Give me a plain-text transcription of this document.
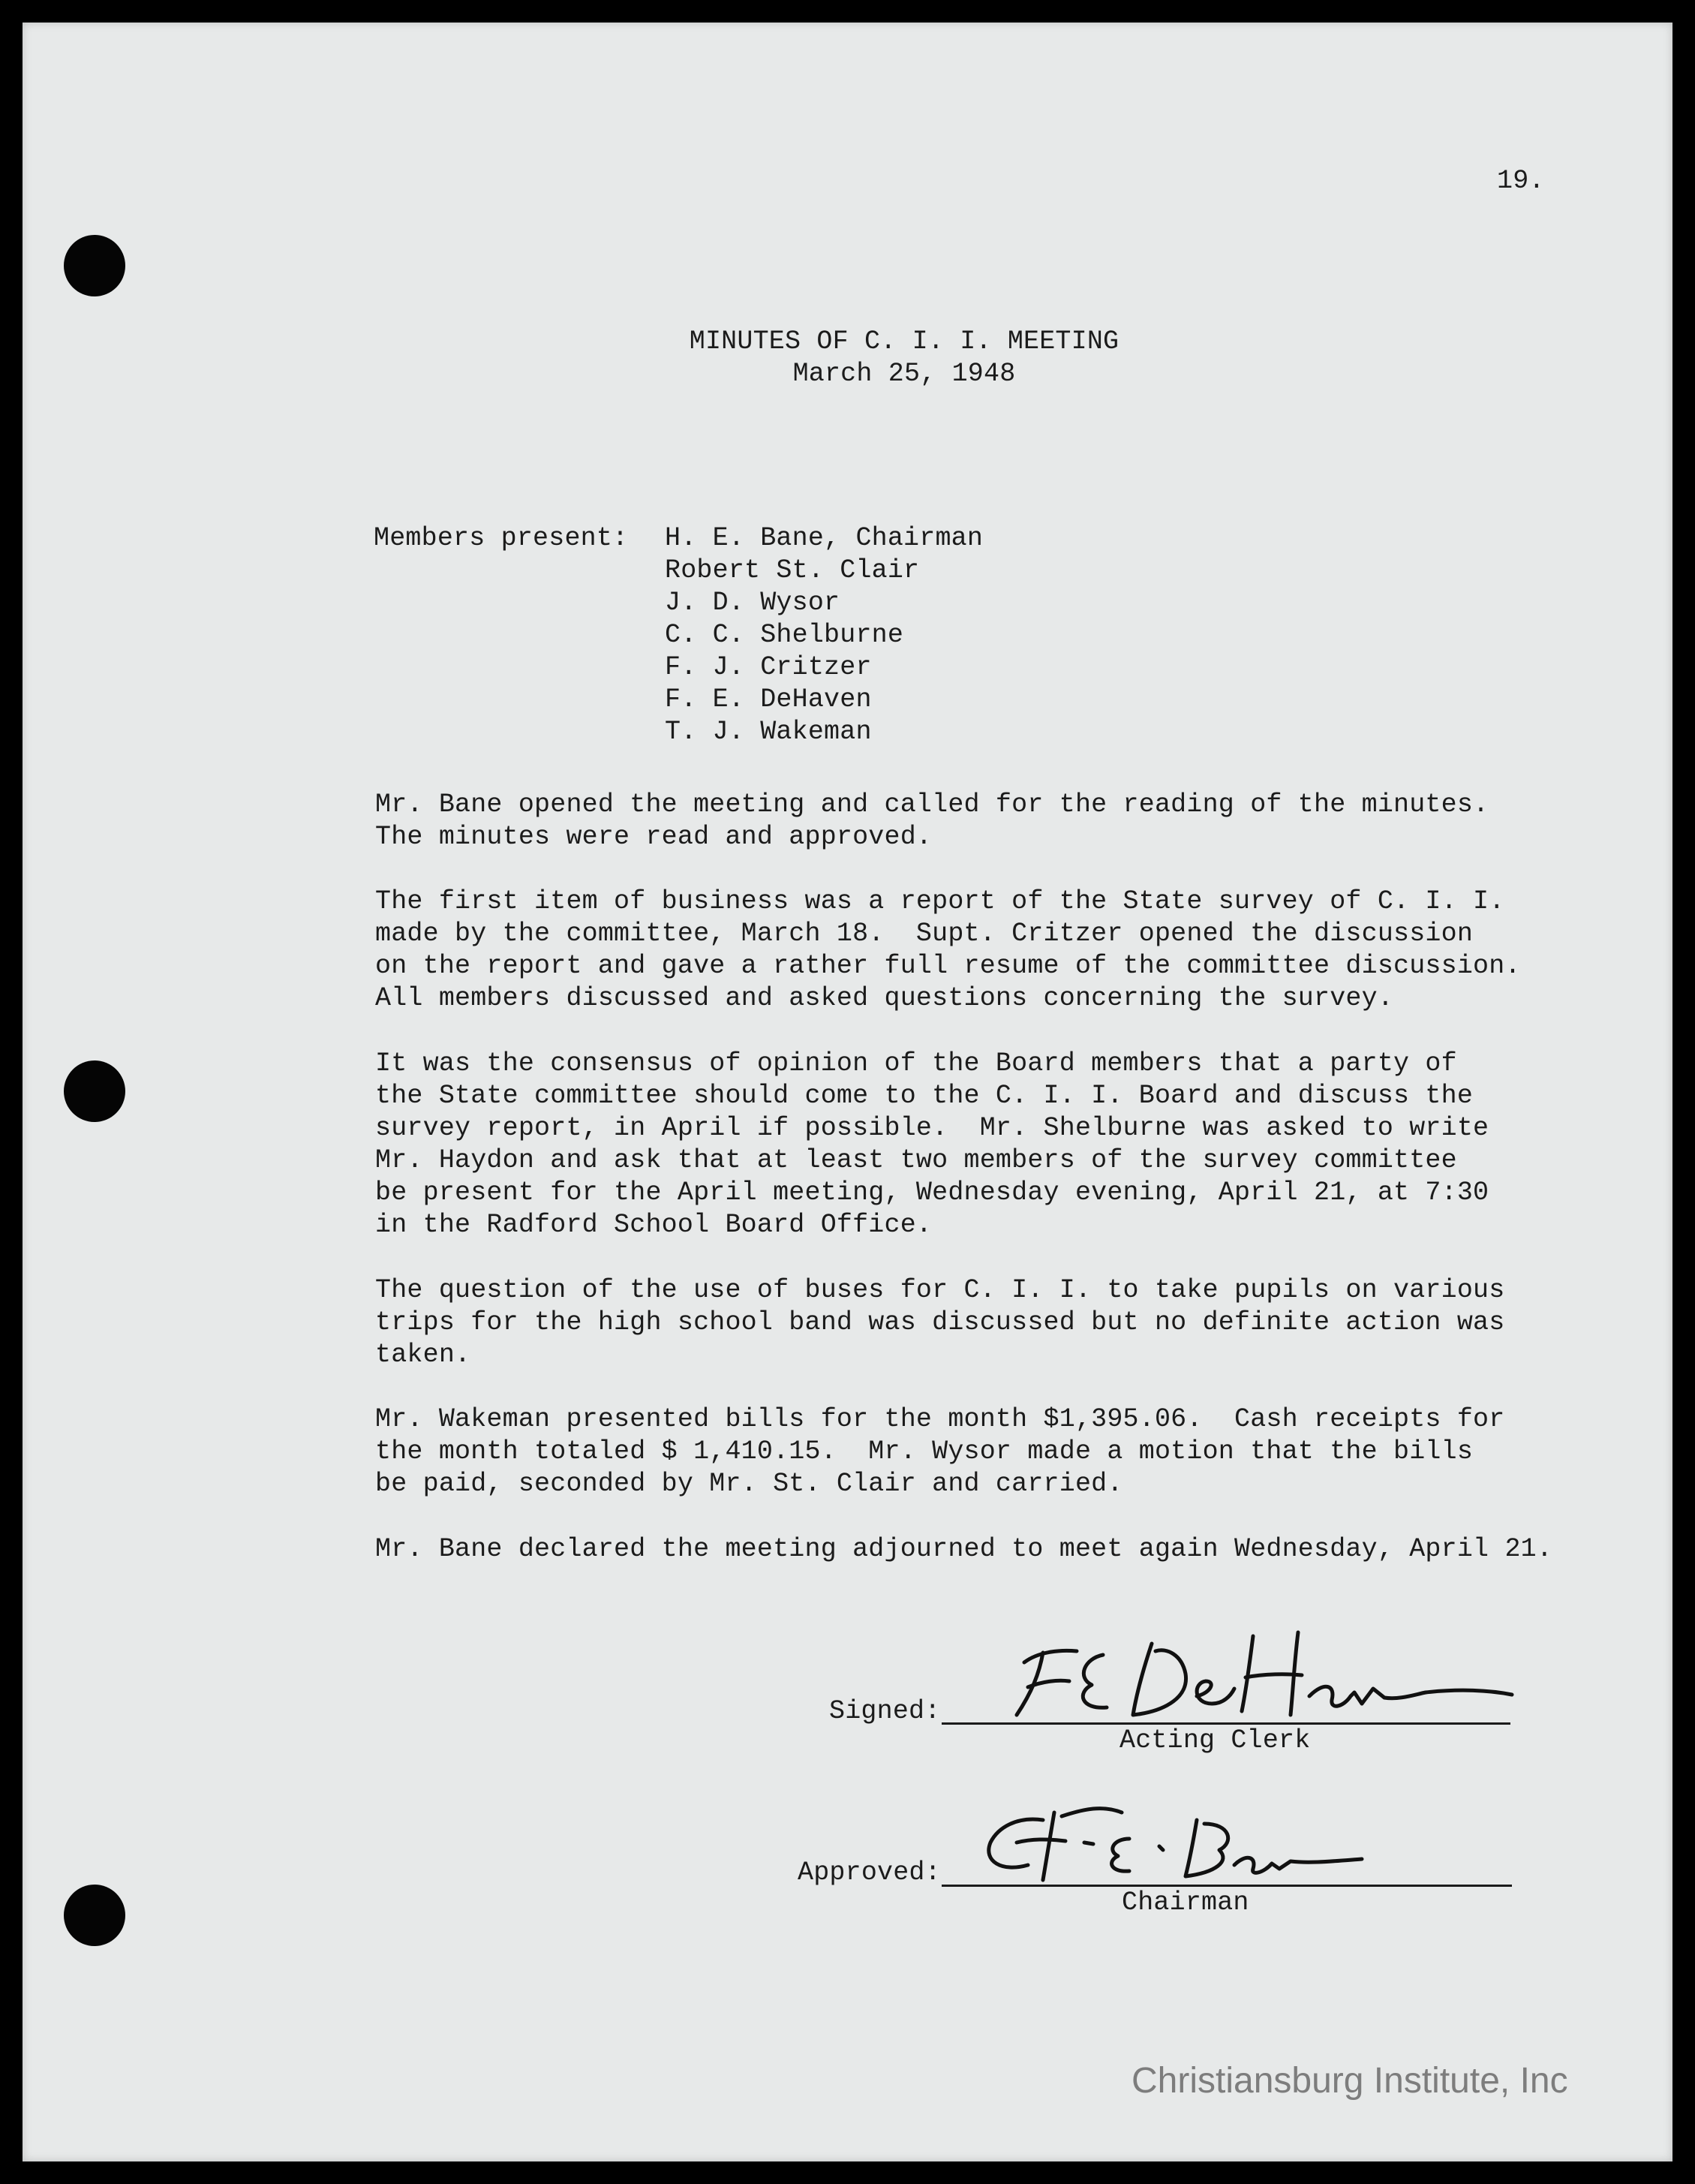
19.
MINUTES OF C. I. I. MEETING
March 25, 1948
Members present: H. E. Bane, Chairman
Robert St. Clair
J. D. Wysor
C. C. Shelburne
F. J. Critzer
F. E. DeHaven
T. J. Wakeman
Mr. Bane opened the meeting and called for the reading of the minutes.
The minutes were read and approved.
The first item of business was a report of the State survey of C. I. I.
made by the committee, March 18.  Supt. Critzer opened the discussion
on the report and gave a rather full resume of the committee discussion.
All members discussed and asked questions concerning the survey.
It was the consensus of opinion of the Board members that a party of
the State committee should come to the C. I. I. Board and discuss the
survey report, in April if possible.  Mr. Shelburne was asked to write
Mr. Haydon and ask that at least two members of the survey committee
be present for the April meeting, Wednesday evening, April 21, at 7:30
in the Radford School Board Office.
The question of the use of buses for C. I. I. to take pupils on various
trips for the high school band was discussed but no definite action was
taken.
Mr. Wakeman presented bills for the month $1,395.06.  Cash receipts for
the month totaled $ 1,410.15.  Mr. Wysor made a motion that the bills
be paid, seconded by Mr. St. Clair and carried.
Mr. Bane declared the meeting adjourned to meet again Wednesday, April 21.
Signed:
Acting Clerk
Approved:
Chairman
Christiansburg Institute, Inc
